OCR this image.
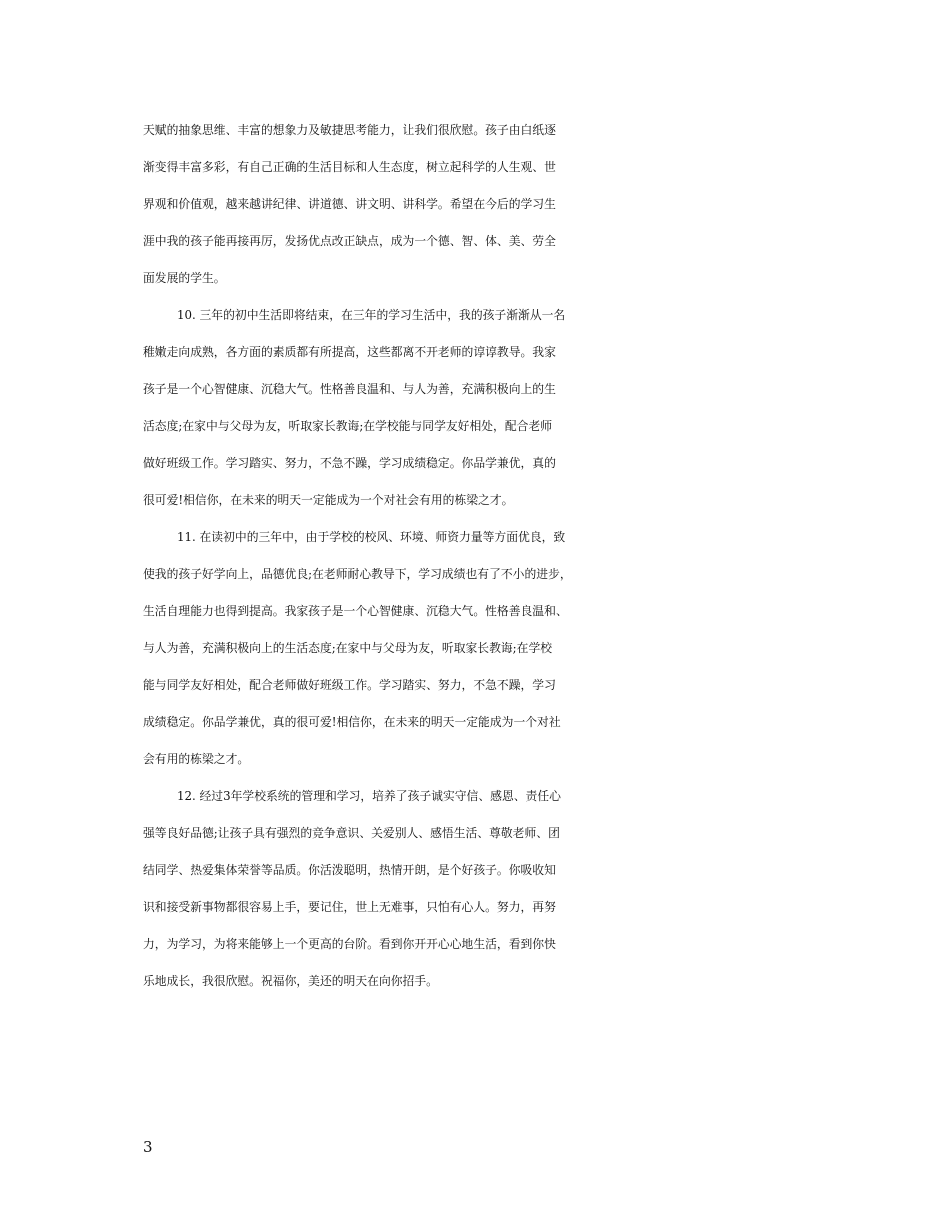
天赋的抽象思维、丰富的想象力及敏捷思考能力，让我们很欣慰。孩子由白纸逐
渐变得丰富多彩，有自己正确的生活目标和人生态度，树立起科学的人生观、世
界观和价值观，越来越讲纪律、讲道德、讲文明、讲科学。希望在今后的学习生
涯中我的孩子能再接再厉，发扬优点改正缺点，成为一个德、智、体、美、劳全
面发展的学生。
10. 三年的初中生活即将结束，在三年的学习生活中，我的孩子渐渐从一名
稚嫩走向成熟，各方面的素质都有所提高，这些都离不开老师的谆谆教导。我家
孩子是一个心智健康、沉稳大气。性格善良温和、与人为善，充满积极向上的生
活态度;在家中与父母为友，听取家长教诲;在学校能与同学友好相处，配合老师
做好班级工作。学习踏实、努力，不急不躁，学习成绩稳定。你品学兼优，真的
很可爱!相信你，在未来的明天一定能成为一个对社会有用的栋梁之才。
11. 在读初中的三年中，由于学校的校风、环境、师资力量等方面优良，致
使我的孩子好学向上，品德优良;在老师耐心教导下，学习成绩也有了不小的进步，
生活自理能力也得到提高。我家孩子是一个心智健康、沉稳大气。性格善良温和、
与人为善，充满积极向上的生活态度;在家中与父母为友，听取家长教诲;在学校
能与同学友好相处，配合老师做好班级工作。学习踏实、努力，不急不躁，学习
成绩稳定。你品学兼优，真的很可爱!相信你，在未来的明天一定能成为一个对社
会有用的栋梁之才。
12. 经过3年学校系统的管理和学习，培养了孩子诚实守信、感恩、责任心
强等良好品德;让孩子具有强烈的竞争意识、关爱别人、感悟生活、尊敬老师、团
结同学、热爱集体荣誉等品质。你活泼聪明，热情开朗，是个好孩子。你吸收知
识和接受新事物都很容易上手，要记住，世上无难事，只怕有心人。努力，再努
力，为学习，为将来能够上一个更高的台阶。看到你开开心心地生活，看到你快
乐地成长，我很欣慰。祝福你，美还的明天在向你招手。
3
